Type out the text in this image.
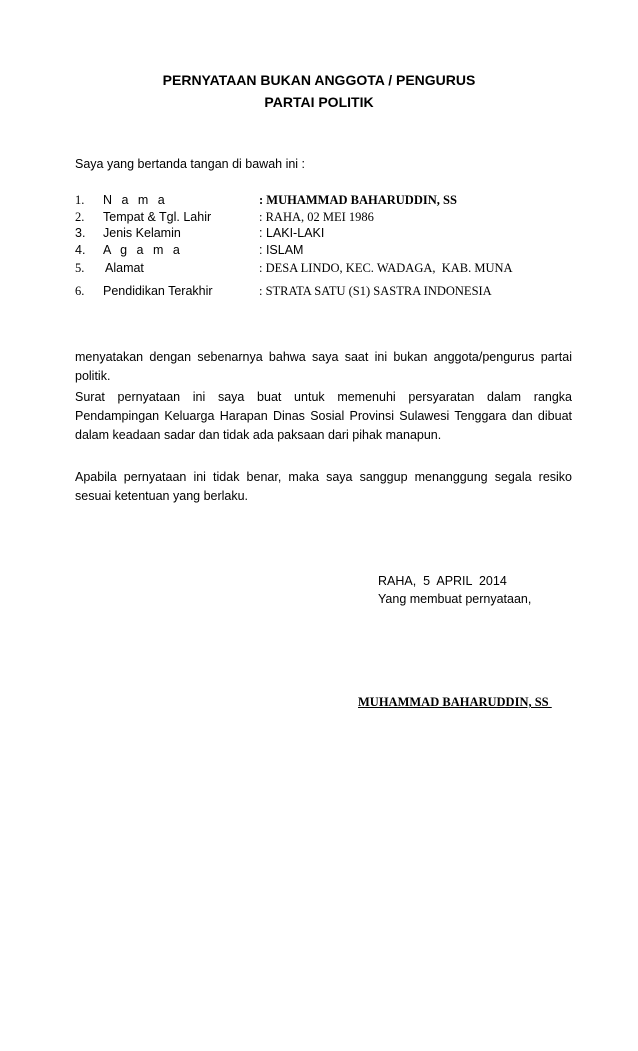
PERNYATAAN BUKAN ANGGOTA / PENGURUS
PARTAI POLITIK
Saya yang bertanda tangan di bawah ini :
1. N a m a	: MUHAMMAD BAHARUDDIN, SS
2. Tempat & Tgl. Lahir	: RAHA, 02 MEI 1986
3. Jenis Kelamin	: LAKI-LAKI
4. A g a m a	: ISLAM
5. Alamat	: DESA LINDO, KEC. WADAGA,  KAB. MUNA
6. Pendidikan Terakhir	: STRATA SATU (S1) SASTRA INDONESIA
menyatakan dengan sebenarnya bahwa saya saat ini bukan anggota/pengurus partai politik.
Surat pernyataan ini saya buat untuk memenuhi persyaratan dalam rangka Pendampingan Keluarga Harapan Dinas Sosial Provinsi Sulawesi Tenggara dan dibuat dalam keadaan sadar dan tidak ada paksaan dari pihak manapun.
Apabila pernyataan ini tidak benar, maka saya sanggup menanggung segala resiko sesuai ketentuan yang berlaku.
RAHA,  5  APRIL  2014
Yang membuat pernyataan,
MUHAMMAD BAHARUDDIN, SS
